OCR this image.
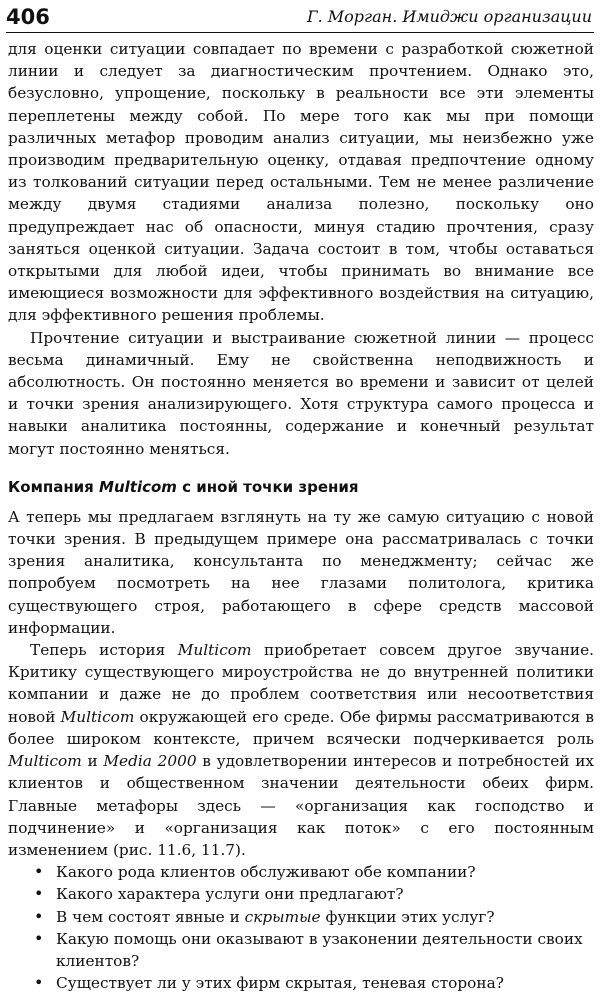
406	Г. Морган. Имиджи организации

для оценки ситуации совпадает по времени с разработкой сюжетной линии и следует за диагностическим прочтением. Однако это, безусловно, упрощение, поскольку в реальности все эти элементы переплетены между собой. По мере того как мы при помощи различных метафор проводим анализ ситуации, мы неизбежно уже производим предварительную оценку, отдавая предпочтение одному из толкований ситуации перед остальными. Тем не менее различение между двумя стадиями анализа полезно, поскольку оно предупреждает нас об опасности, минуя стадию прочтения, сразу заняться оценкой ситуации. Задача состоит в том, чтобы оставаться открытыми для любой идеи, чтобы принимать во внимание все имеющиеся возможности для эффективного воздействия на ситуацию, для эффективного решения проблемы.

Прочтение ситуации и выстраивание сюжетной линии — процесс весьма динамичный. Ему не свойственна неподвижность и абсолютность. Он постоянно меняется во времени и зависит от целей и точки зрения анализирующего. Хотя структура самого процесса и навыки аналитика постоянны, содержание и конечный результат могут постоянно меняться.

Компания Multicom с иной точки зрения

А теперь мы предлагаем взглянуть на ту же самую ситуацию с новой точки зрения. В предыдущем примере она рассматривалась с точки зрения аналитика, консультанта по менеджменту; сейчас же попробуем посмотреть на нее глазами политолога, критика существующего строя, работающего в сфере средств массовой информации.

Теперь история Multicom приобретает совсем другое звучание. Критику существующего мироустройства не до внутренней политики компании и даже не до проблем соответствия или несоответствия новой Multicom окружающей его среде. Обе фирмы рассматриваются в более широком контексте, причем всячески подчеркивается роль Multicom и Media 2000 в удовлетворении интересов и потребностей их клиентов и общественном значении деятельности обеих фирм. Главные метафоры здесь — «организация как господство и подчинение» и «организация как поток» с его постоянным изменением (рис. 11.6, 11.7).

• Какого рода клиентов обслуживают обе компании?
• Какого характера услуги они предлагают?
• В чем состоят явные и скрытые функции этих услуг?
• Какую помощь они оказывают в узаконении деятельности своих клиентов?
• Существует ли у этих фирм скрытая, теневая сторона?
